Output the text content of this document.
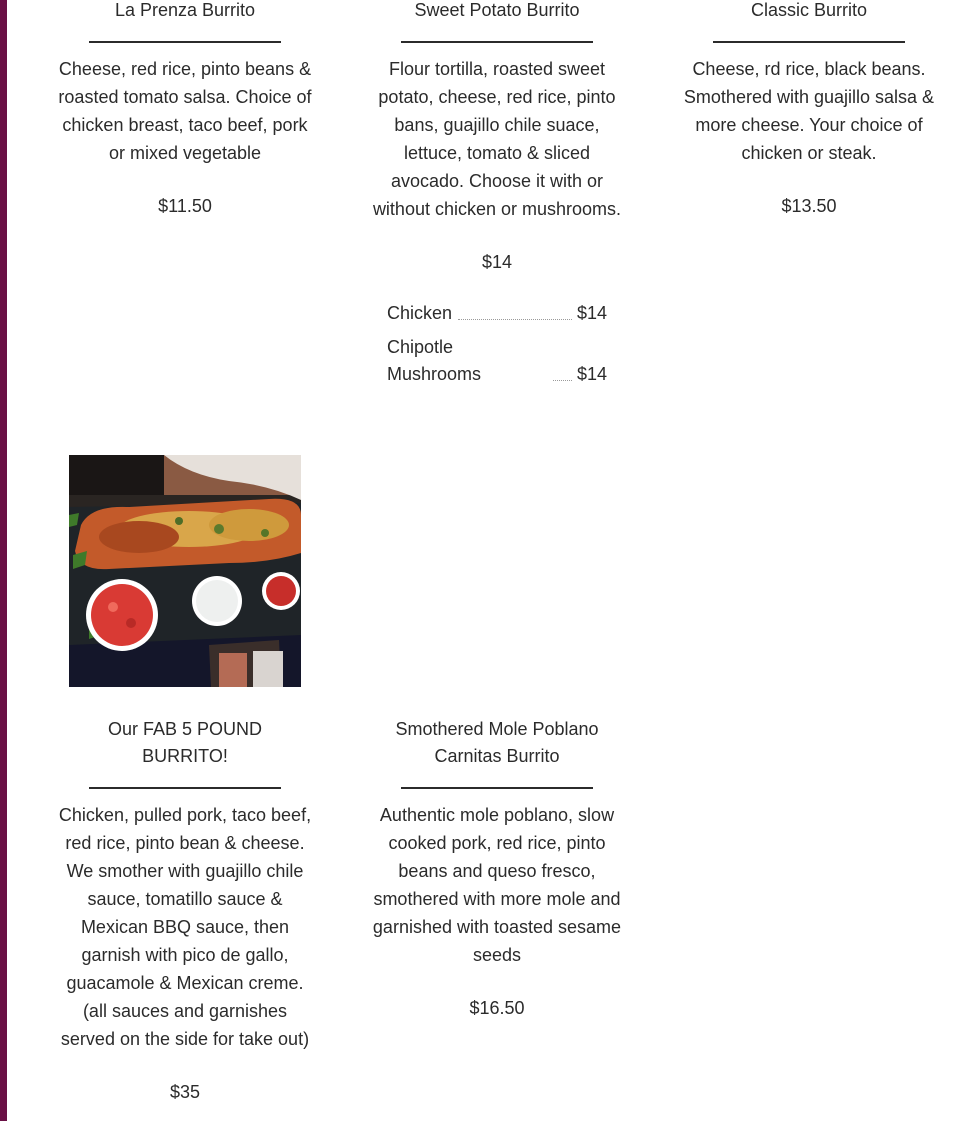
La Prenza Burrito
Cheese, red rice, pinto beans & roasted tomato salsa. Choice of chicken breast, taco beef, pork or mixed vegetable
$11.50
Sweet Potato Burrito
Flour tortilla, roasted sweet potato, cheese, red rice, pinto bans, guajillo chile suace, lettuce, tomato & sliced avocado. Choose it with or without chicken or mushrooms.
$14
Chicken	$14
Chipotle Mushrooms	$14
Classic Burrito
Cheese, rd rice, black beans. Smothered with guajillo salsa & more cheese. Your choice of chicken or steak.
$13.50
Our FAB 5 POUND BURRITO!
Chicken, pulled pork, taco beef, red rice, pinto bean & cheese. We smother with guajillo chile sauce, tomatillo sauce & Mexican BBQ sauce, then garnish with pico de gallo, guacamole & Mexican creme. (all sauces and garnishes served on the side for take out)
$35
Smothered Mole Poblano Carnitas Burrito
Authentic mole poblano, slow cooked pork, red rice, pinto beans and queso fresco, smothered with more mole and garnished with toasted sesame seeds
$16.50
